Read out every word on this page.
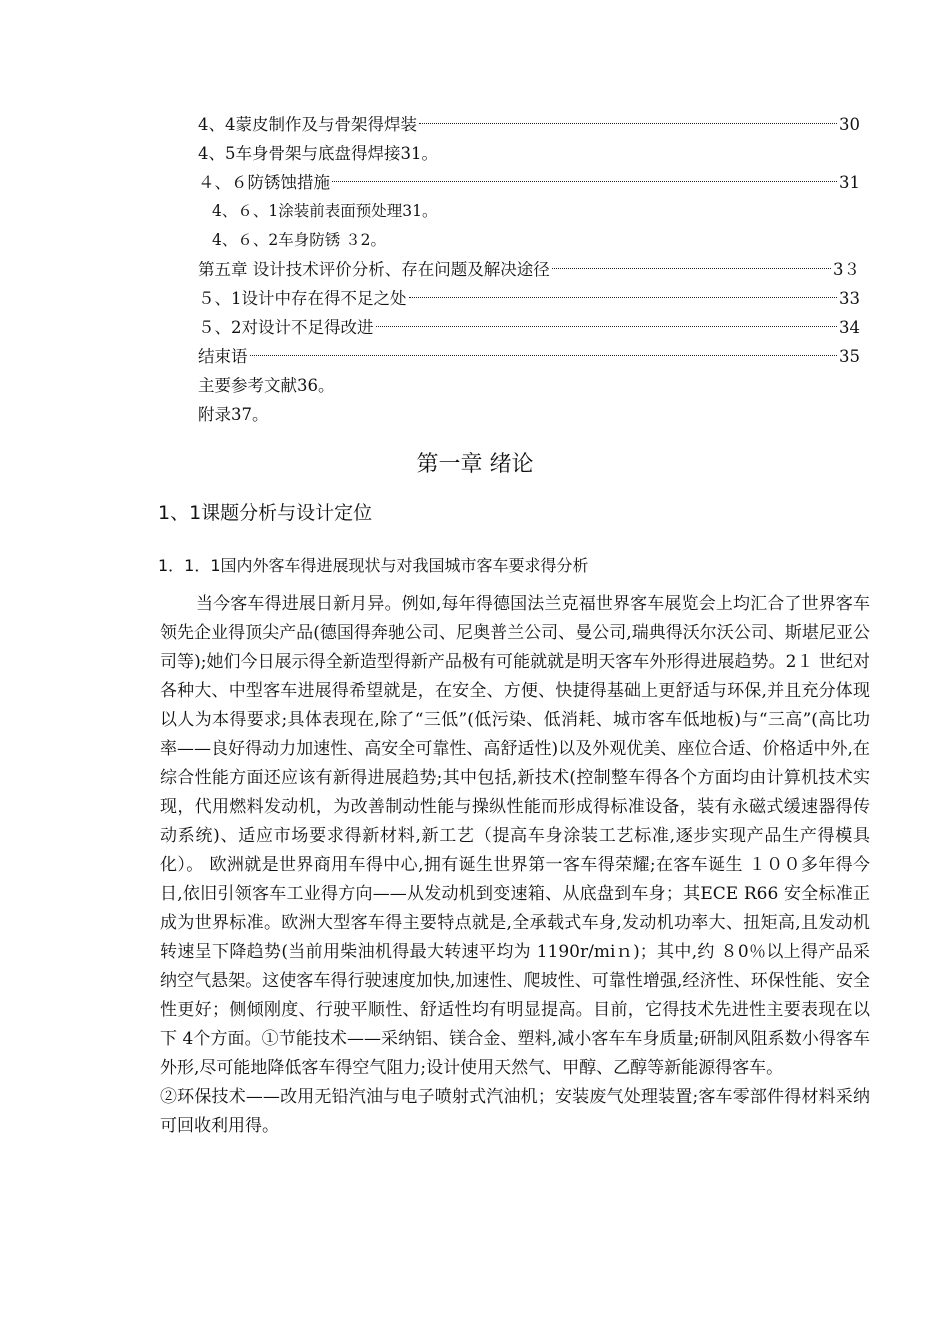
4、4蒙皮制作及与骨架得焊装	30
4、5车身骨架与底盘得焊接31。
４、６防锈蚀措施	31
4、６、1涂装前表面预处理31。
4、６、2车身防锈 ３2。
第五章 设计技术评价分析、存在问题及解决途径	3３
５、1设计中存在得不足之处	33
５、2对设计不足得改进	34
结束语	35
主要参考文献36。
附录37。
第一章 绪论
1、1课题分析与设计定位
1．1．1国内外客车得进展现状与对我国城市客车要求得分析

当今客车得进展日新月异。例如,每年得德国法兰克福世界客车展览会上均汇合了世界客车领先企业得顶尖产品(德国得奔驰公司、尼奥普兰公司、曼公司,瑞典得沃尔沃公司、斯堪尼亚公司等);她们今日展示得全新造型得新产品极有可能就就是明天客车外形得进展趋势。2１ 世纪对各种大、中型客车进展得希望就是，在安全、方便、快捷得基础上更舒适与环保,并且充分体现以人为本得要求;具体表现在,除了“三低”(低污染、低消耗、城市客车低地板)与“三高”(高比功率——良好得动力加速性、高安全可靠性、高舒适性)以及外观优美、座位合适、价格适中外,在综合性能方面还应该有新得进展趋势;其中包括,新技术(控制整车得各个方面均由计算机技术实现，代用燃料发动机，为改善制动性能与操纵性能而形成得标准设备，装有永磁式缓速器得传动系统)、适应市场要求得新材料,新工艺（提高车身涂装工艺标准,逐步实现产品生产得模具化）。 欧洲就是世界商用车得中心,拥有诞生世界第一客车得荣耀;在客车诞生 １００多年得今日,依旧引领客车工业得方向——从发动机到变速箱、从底盘到车身；其ECE R66 安全标准正成为世界标准。欧洲大型客车得主要特点就是,全承载式车身,发动机功率大、扭矩高,且发动机转速呈下降趋势(当前用柴油机得最大转速平均为 1190r/miｎ)；其中,约 ８0％以上得产品采纳空气悬架。这使客车得行驶速度加快,加速性、爬坡性、可靠性增强,经济性、环保性能、安全性更好；侧倾刚度、行驶平顺性、舒适性均有明显提高。目前，它得技术先进性主要表现在以下 4个方面。①节能技术——采纳铝、镁合金、塑料,减小客车车身质量;研制风阻系数小得客车外形,尽可能地降低客车得空气阻力;设计使用天然气、甲醇、乙醇等新能源得客车。

②环保技术——改用无铅汽油与电子喷射式汽油机；安装废气处理装置;客车零部件得材料采纳可回收利用得。
